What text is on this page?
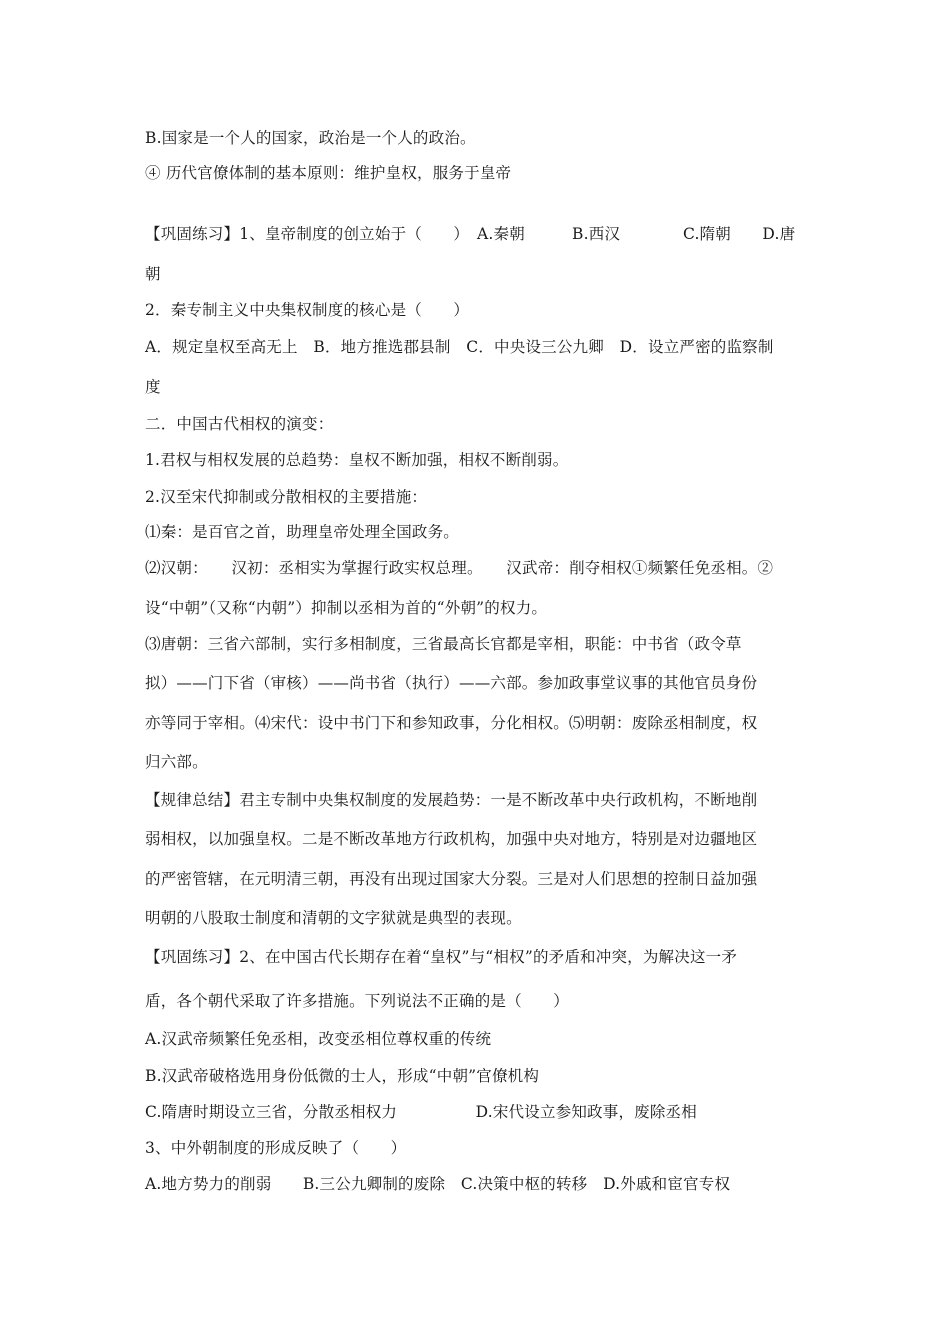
B.国家是一个人的国家，政治是一个人的政治。
④ 历代官僚体制的基本原则：维护皇权，服务于皇帝
【巩固练习】1、皇帝制度的创立始于（　　）　A.秦朝　　　B.西汉　　　　C.隋朝　　D.唐
朝
2．秦专制主义中央集权制度的核心是（　　）
A．规定皇权至高无上　B．地方推选郡县制　C．中央设三公九卿　D．设立严密的监察制
度
二．中国古代相权的演变：
1.君权与相权发展的总趋势：皇权不断加强，相权不断削弱。
2.汉至宋代抑制或分散相权的主要措施：
⑴秦：是百官之首，助理皇帝处理全国政务。
⑵汉朝：　　汉初：丞相实为掌握行政实权总理。　　汉武帝：削夺相权①频繁任免丞相。②
设“中朝”（又称“内朝”）抑制以丞相为首的“外朝”的权力。
⑶唐朝：三省六部制，实行多相制度，三省最高长官都是宰相，职能：中书省（政令草
拟）——门下省（审核）——尚书省（执行）——六部。参加政事堂议事的其他官员身份
亦等同于宰相。⑷宋代：设中书门下和参知政事，分化相权。⑸明朝：废除丞相制度，权
归六部。
【规律总结】君主专制中央集权制度的发展趋势：一是不断改革中央行政机构，不断地削
弱相权，以加强皇权。二是不断改革地方行政机构，加强中央对地方，特别是对边疆地区
的严密管辖，在元明清三朝，再没有出现过国家大分裂。三是对人们思想的控制日益加强
明朝的八股取士制度和清朝的文字狱就是典型的表现。
【巩固练习】2、在中国古代长期存在着“皇权”与“相权”的矛盾和冲突，为解决这一矛
盾，各个朝代采取了许多措施。下列说法不正确的是（　　）
A.汉武帝频繁任免丞相，改变丞相位尊权重的传统
B.汉武帝破格选用身份低微的士人，形成“中朝”官僚机构
C.隋唐时期设立三省，分散丞相权力　　　　　D.宋代设立参知政事，废除丞相
3、中外朝制度的形成反映了（　　）
A.地方势力的削弱　　B.三公九卿制的废除　C.决策中枢的转移　D.外戚和宦官专权
